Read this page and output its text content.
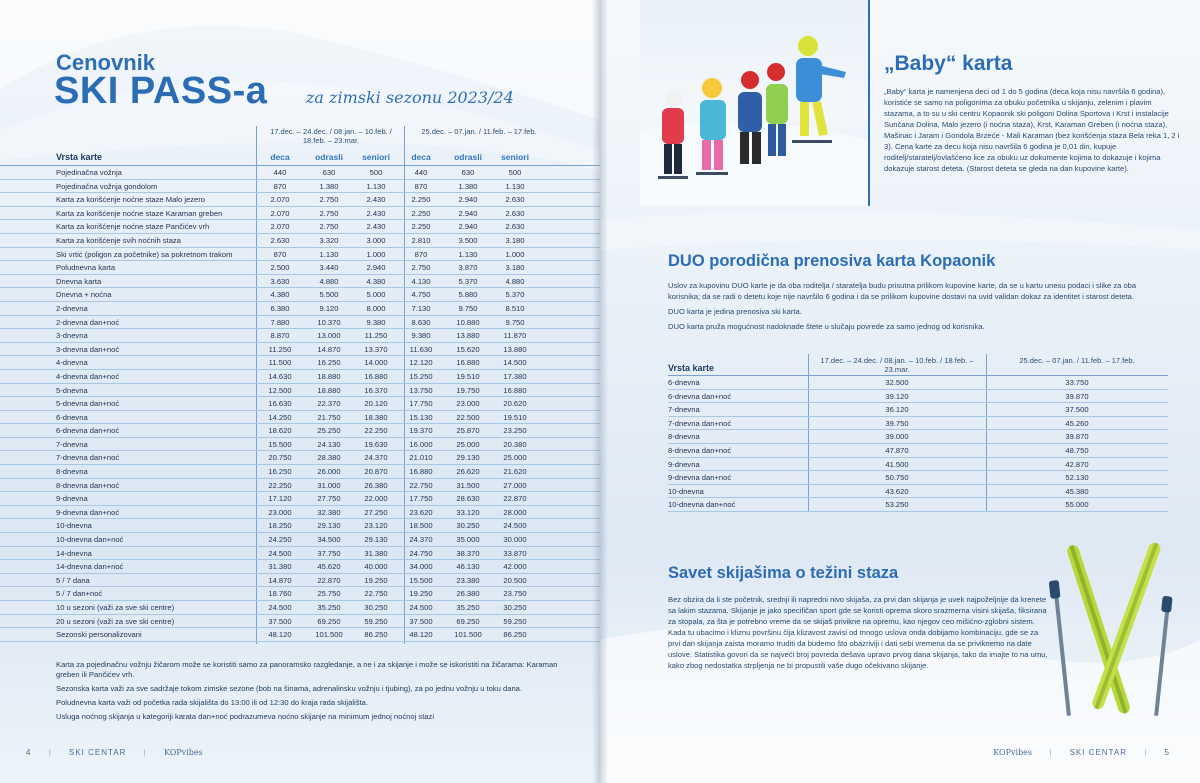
Cenovnik
SKI PASS-a za zimski sezonu 2023/24
17.dec. – 24.dec. / 08.jan. – 10.feb. / 18.feb. – 23.mar.
25.dec. – 07.jan. / 11.feb. – 17.feb.
Vrsta karte	deca	odrasli	seniori	deca	odrasli	seniori
Pojedinačna vožnja	440	630	500	440	630	500
Pojedinačna vožnja gondolom	870	1.380	1.130	870	1.380	1.130
Karta za korišćenje noćne staze Malo jezero	2.070	2.750	2.430	2.250	2.940	2.630
Karta za korišćenje noćne staze Karaman greben	2.070	2.750	2.430	2.250	2.940	2.630
Karta za korišćenje noćne staze Pančićev vrh	2.070	2.750	2.430	2.250	2.940	2.630
Karta za korišćenje svih noćnih staza	2.630	3.320	3.000	2.810	3.500	3.180
Ski vrtić (poligon za početnike) sa pokretnom trakom	870	1.130	1.000	870	1.130	1.000
Poludnevna karta	2.500	3.440	2.940	2.750	3.870	3.180
Dnevna karta	3.630	4.880	4.380	4.130	5.370	4.880
Dnevna + noćna	4.380	5.500	5.000	4.750	5.880	5.370
2-dnevna	6.380	9.120	8.000	7.130	9.750	8.510
2-dnevna dan+noć	7.880	10.370	9.380	8.630	10.880	9.750
3-dnevna	8.870	13.000	11.250	9.380	13.880	11.870
3-dnevna dan+noć	11.250	14.870	13.370	11.630	15.620	13.880
4-dnevna	11.500	16.250	14.000	12.120	16.880	14.500
4-dnevna dan+noć	14.630	18.880	16.880	15.250	19.510	17.380
5-dnevna	12.500	18.880	16.370	13.750	19.750	16.880
5-dnevna dan+noć	16.630	22.370	20.120	17.750	23.000	20.620
6-dnevna	14.250	21.750	18.380	15.130	22.500	19.510
6-dnevna dan+noć	18.620	25.250	22.250	19.370	25.870	23.250
7-dnevna	15.500	24.130	19.630	16.000	25.000	20.380
7-dnevna dan+noć	20.750	28.380	24.370	21.010	29.130	25.000
8-dnevna	16.250	26.000	20.870	16.880	26.620	21.620
8-dnevna dan+noć	22.250	31.000	26.380	22.750	31.500	27.000
9-dnevna	17.120	27.750	22.000	17.750	28.630	22.870
9-dnevna dan+noć	23.000	32.380	27.250	23.620	33.120	28.000
10-dnevna	18.250	29.130	23.120	18.500	30.250	24.500
10-dnevna dan+noć	24.250	34.500	29.130	24.370	35.000	30.000
14-dnevna	24.500	37.750	31.380	24.750	38.370	33.870
14-dnevna dan+noć	31.380	45.620	40.000	34.000	46.130	42.000
5 / 7 dana	14.870	22.870	19.250	15.500	23.380	20.500
5 / 7 dan+noć	18.760	25.750	22.750	19.250	26.380	23.750
10 u sezoni (važi za sve ski centre)	24.500	35.250	30.250	24.500	35.250	30.250
20 u sezoni (važi za sve ski centre)	37.500	69.250	59.250	37.500	69.250	59.250
Sezonski personalizovani	48.120	101.500	86.250	48.120	101.500	86.250

Karta za pojedinačnu vožnju žičarom može se koristiti samo za panoramsko razgledanje, a ne i za skijanje i može se iskoristiti na žičarama: Karaman greben ili Pančićev vrh.

Sezonska karta važi za sve sadržaje tokom zimske sezone (bob na šinama, adrenalinsku vožnju i tjubing), za po jednu vožnju u toku dana.

Poludnevna karta važi od početka rada skijališta do 13:00 ili od 12:30 do kraja rada skijališta.

Usluga noćnog skijanja u kategoriji karata dan+noć podrazumeva noćno skijanje na minimum jednoj noćnoj stazi

4 | SKI CENTAR | KOPvibes
„Baby“ karta
„Baby“ karta je namenjena deci od 1 do 5 godina (deca koja nisu navršila 6 godina), koristiće se samo na poligonima za obuku početnika u skijanju, zelenim i plavim stazama, a to su u ski centru Kopaonik ski poligoni Dolina Sportova i Krst i instalacije Sunčana Dolina, Malo jezero (i noćna staza), Krst, Karaman Greben (i noćna staza), Mašinac i Jaram i Gondola Brzeće - Mali Karaman (bez korišćenja staza Bela reka 1, 2 i 3). Cena karte za decu koja nisu navršila 6 godina je 0,01 din, kupuje roditelj/staratelj/ovlašćeno lice za obuku uz dokumente kojima to dokazuje i kojima dokazuje starost deteta. (Starost deteta se gleda na dan kupovine karte).
DUO porodična prenosiva karta Kopaonik

Uslov za kupovinu DUO karte je da oba roditelja / staratelja budu prisutna prilikom kupovine karte, da se u kartu unesu podaci i slike za oba korisnika; da se radi o detetu koje nije navršilo 6 godina i da se prilikom kupovine dostavi na uvid validan dokaz za identitet i starost deteta.

DUO karta je jedina prenosiva ski karta.

DUO karta pruža mogućnost nadoknade štete u slučaju povrede za samo jednog od korisnika.

Vrsta karte
17.dec. – 24.dec. / 08.jan. – 10.feb. / 18.feb. – 23.mar.
25.dec. – 07.jan. / 11.feb. – 17.feb.
6-dnevna	32.500	33.750
6-dnevna dan+noć	39.120	39.870
7-dnevna	36.120	37.500
7-dnevna dan+noć	39.750	45.260
8-dnevna	39.000	39.870
8-dnevna dan+noć	47.870	48.750
9-dnevna	41.500	42.870
9-dnevna dan+noć	50.750	52.130
10-dnevna	43.620	45.380
10-dnevna dan+noć	53.250	55.000
Savet skijašima o težini staza
Bez obzira da li ste početnik, srednji ili napredni nivo skijaša, za prvi dan skijanja je uvek najpoželjnije da krenete sa lakim stazama. Skijanje je jako specifičan sport gde se koristi oprema skoro srazmerna visini skijaša, fiksirana za stopala, za šta je potrebno vreme da se skijaš privikne na opremu, kao njegov ceo mišićno-zglobni sistem. Kada tu ubacimo i kliznu površinu čija klizavost zavisi od mnogo uslova onda dobijamo kombinaciju, gde se za prvi dan skijanja zaista moramo truditi da budemo što obazriviji i dati sebi vremena da se priviknemo na date uslove. Statistika govori da se najveći broj povreda dešava upravo prvog dana skijanja, tako da imajte to na umu, kako zbog nedostatka strpljenja ne bi propustili vaše dugo očekivano skijanje.
KOPvibes | SKI CENTAR | 5
